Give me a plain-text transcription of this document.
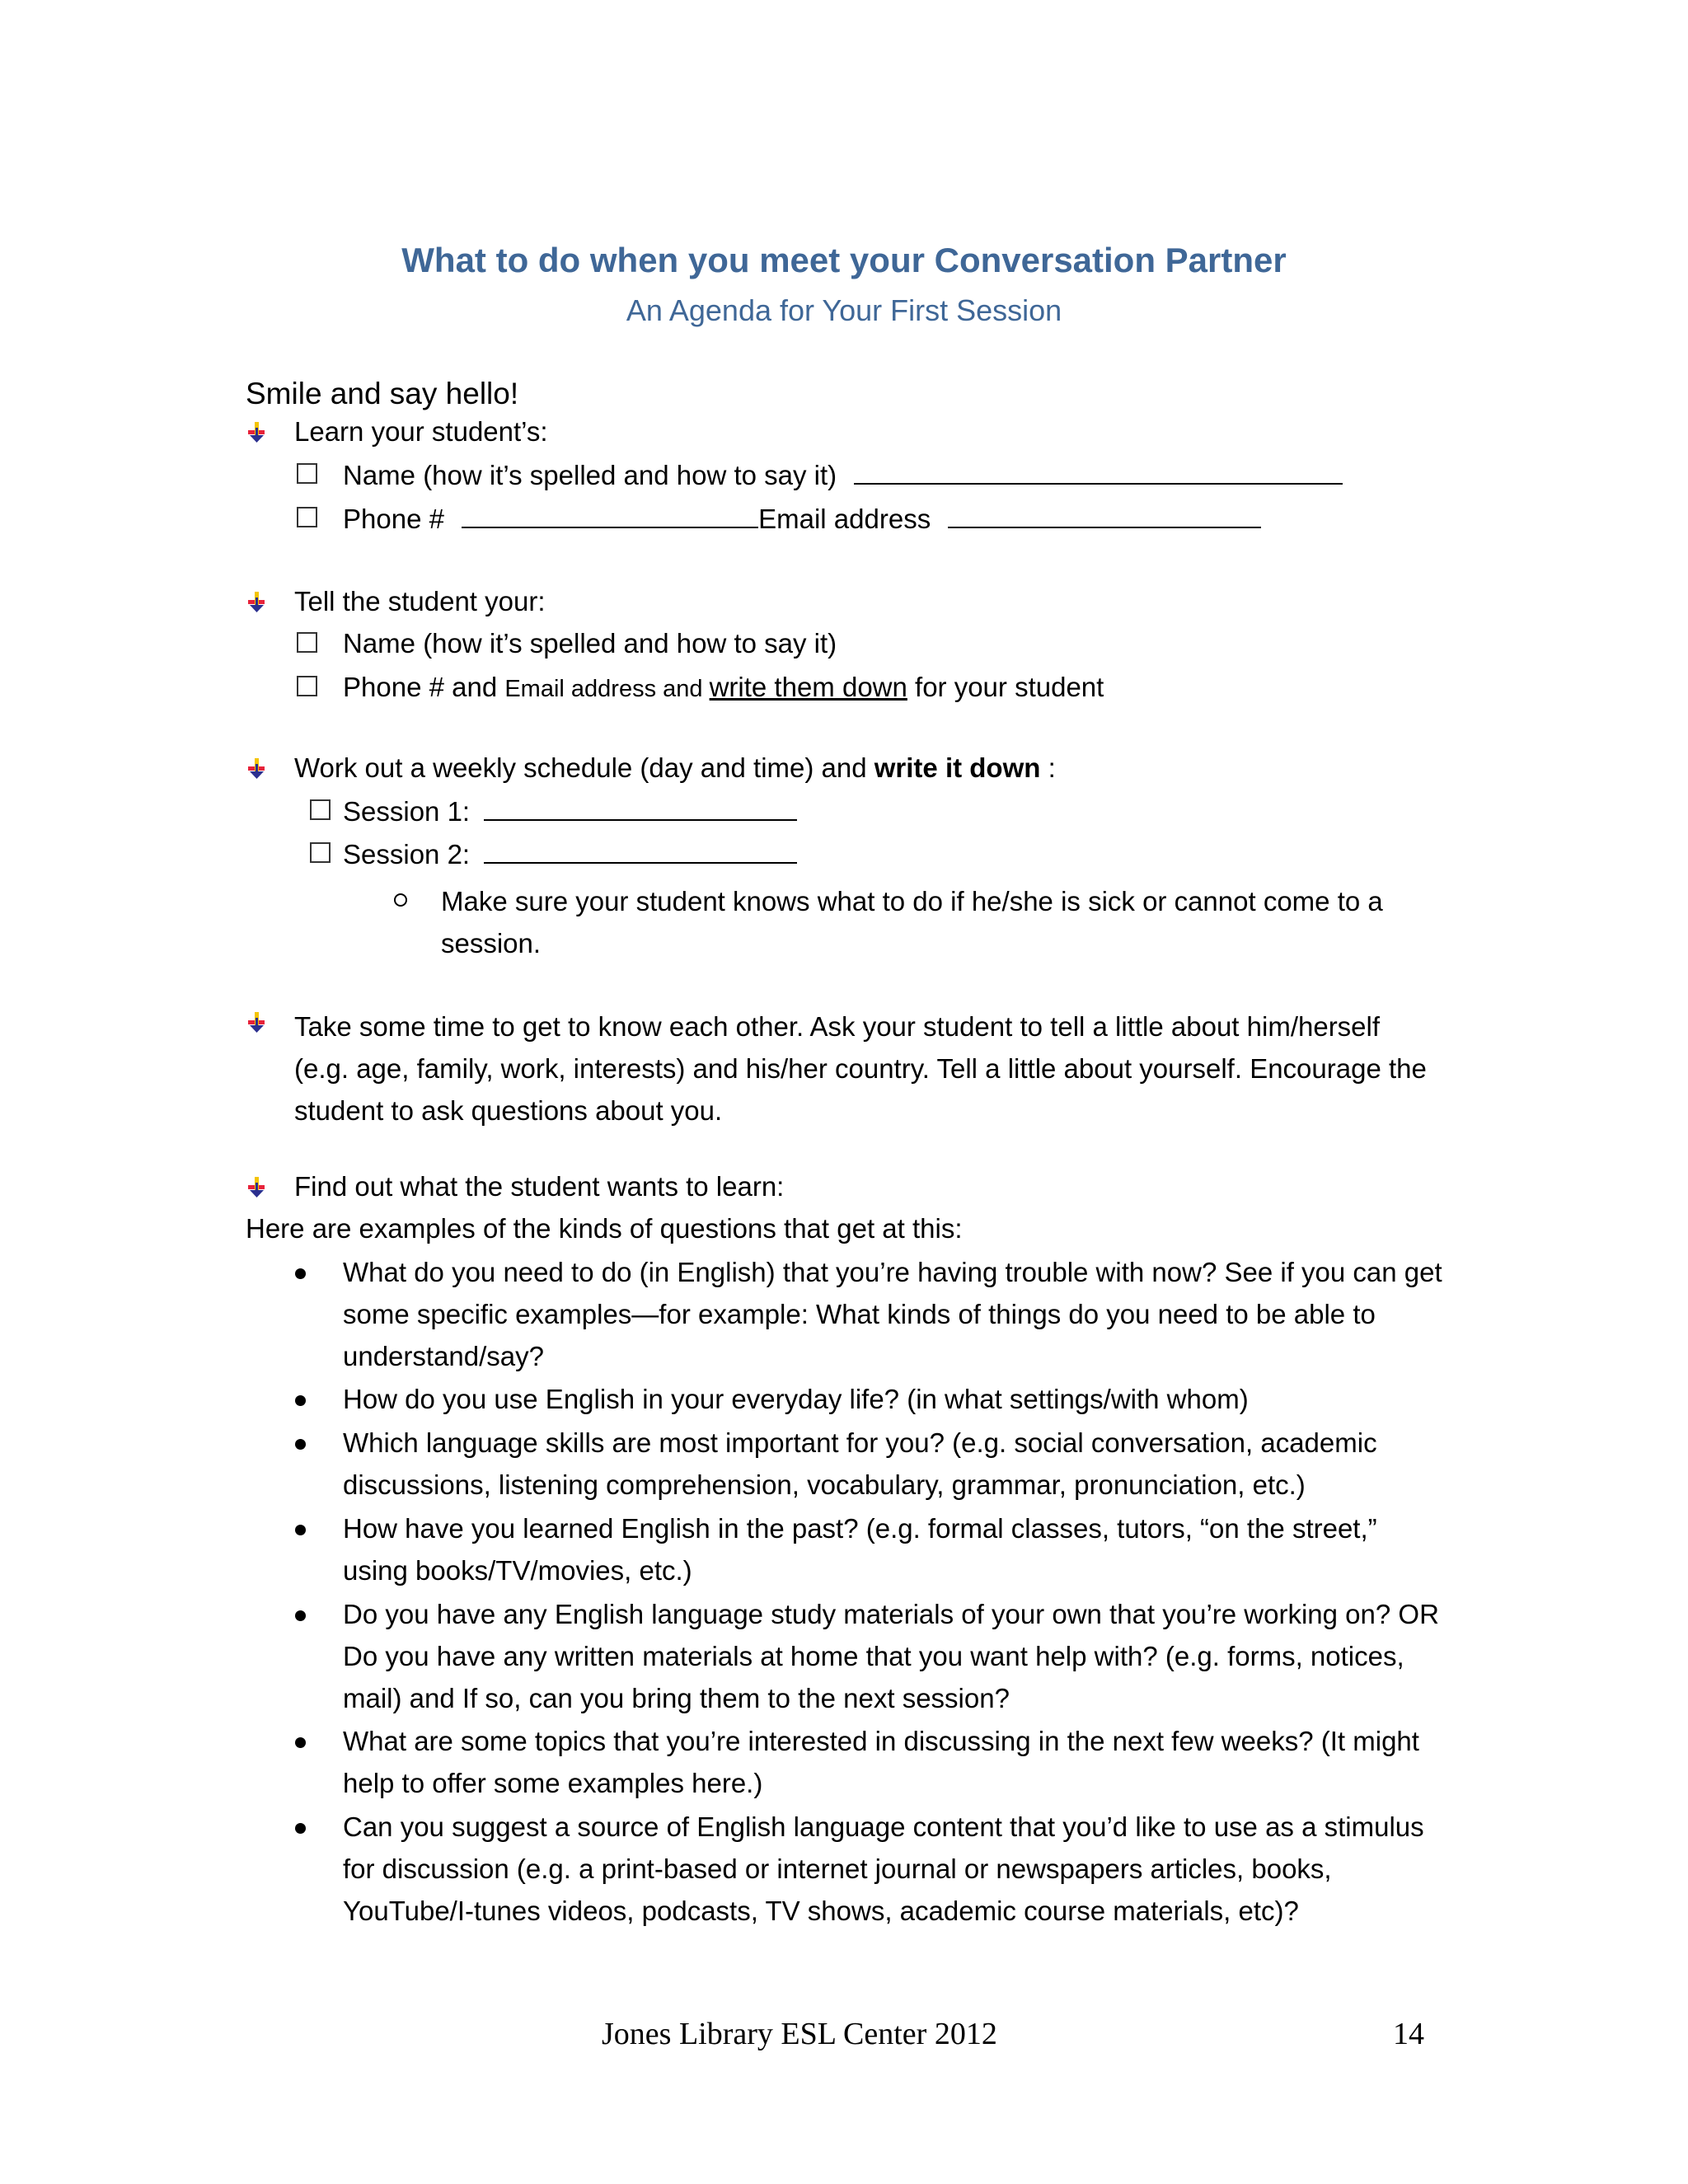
What to do when you meet your Conversation Partner
An Agenda for Your First Session
Smile and say hello!
Learn your student’s:
Name (how it’s spelled and how to say it)
Phone #	Email address
Tell the student your:
Name (how it’s spelled and how to say it)
Phone # and Email address and write them down for your student
Work out a weekly schedule (day and time) and write it down :
Session 1:
Session 2:
Make sure your student knows what to do if he/she is sick or cannot come to a session.
Take some time to get to know each other. Ask your student to tell a little about him/herself (e.g. age, family, work, interests) and his/her country. Tell a little about yourself. Encourage the student to ask questions about you.
Find out what the student wants to learn:
Here are examples of the kinds of questions that get at this:
What do you need to do (in English) that you’re having trouble with now? See if you can get some specific examples—for example: What kinds of things do you need to be able to understand/say?
How do you use English in your everyday life? (in what settings/with whom)
Which language skills are most important for you? (e.g. social conversation, academic discussions, listening comprehension, vocabulary, grammar, pronunciation, etc.)
How have you learned English in the past? (e.g. formal classes, tutors, “on the street,” using books/TV/movies, etc.)
Do you have any English language study materials of your own that you’re working on? OR Do you have any written materials at home that you want help with? (e.g. forms, notices, mail) and If so, can you bring them to the next session?
What are some topics that you’re interested in discussing in the next few weeks? (It might help to offer some examples here.)
Can you suggest a source of English language content that you’d like to use as a stimulus for discussion (e.g. a print-based or internet journal or newspapers articles, books, YouTube/I-tunes videos, podcasts, TV shows, academic course materials, etc)?
Jones Library ESL Center 2012	14
